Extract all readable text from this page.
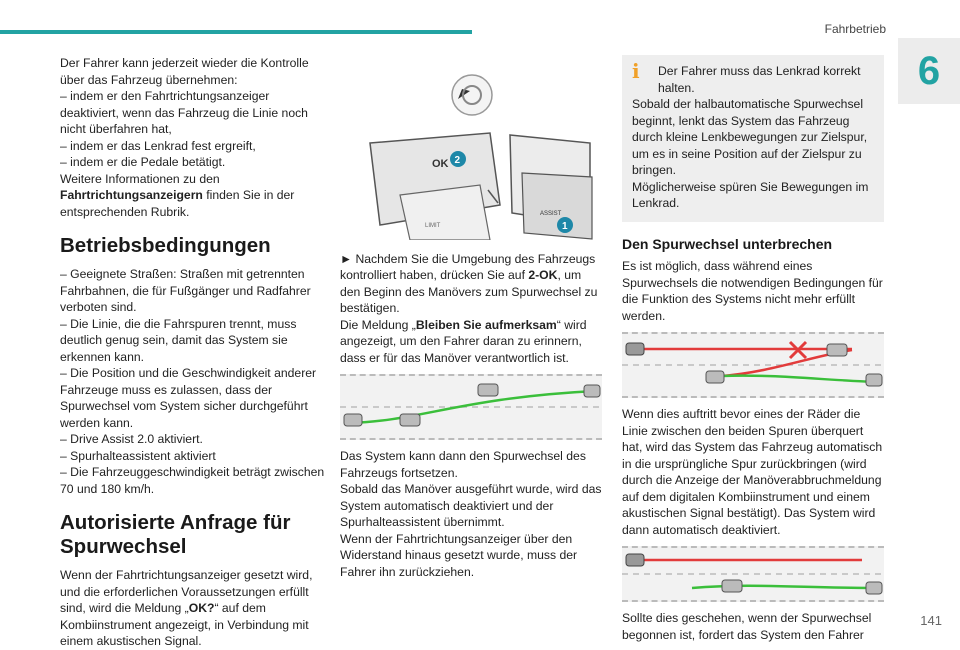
Fahrbetrieb
6
141

Der Fahrer kann jederzeit wieder die Kontrolle über das Fahrzeug übernehmen:

– indem er den Fahrtrichtungsanzeiger deaktiviert, wenn das Fahrzeug die Linie noch nicht überfahren hat,
– indem er das Lenkrad fest ergreift,
– indem er die Pedale betätigt.

Weitere Informationen zu den Fahrtrichtungsanzeigern finden Sie in der entsprechenden Rubrik.

Betriebsbedingungen
– Geeignete Straßen: Straßen mit getrennten Fahrbahnen, die für Fußgänger und Radfahrer verboten sind.
– Die Linie, die die Fahrspuren trennt, muss deutlich genug sein, damit das System sie erkennen kann.
– Die Position und die Geschwindigkeit anderer Fahrzeuge muss es zulassen, dass der Spurwechsel vom System sicher durchgeführt werden kann.
– Drive Assist 2.0 aktiviert.
– Spurhalteassistent aktiviert
– Die Fahrzeuggeschwindigkeit beträgt zwischen 70 und 180 km/h.
Autorisierte Anfrage für Spurwechsel

Wenn der Fahrtrichtungsanzeiger gesetzt wird, und die erforderlichen Voraussetzungen erfüllt sind, wird die Meldung „OK?“ auf dem Kombiinstrument angezeigt, in Verbindung mit einem akustischen Signal.

OK 2
LIMIT
ASSIST
1

► Nachdem Sie die Umgebung des Fahrzeugs kontrolliert haben, drücken Sie auf 2-OK, um den Beginn des Manövers zum Spurwechsel zu bestätigen.

Die Meldung „Bleiben Sie aufmerksam“ wird angezeigt, um den Fahrer daran zu erinnern, dass er für das Manöver verantwortlich ist.

Das System kann dann den Spurwechsel des Fahrzeugs fortsetzen.

Sobald das Manöver ausgeführt wurde, wird das System automatisch deaktiviert und der Spurhalteassistent übernimmt.

Wenn der Fahrtrichtungsanzeiger über den Widerstand hinaus gesetzt wurde, muss der Fahrer ihn zurückziehen.

i	Der Fahrer muss das Lenkrad korrekt halten.

Sobald der halbautomatische Spurwechsel beginnt, lenkt das System das Fahrzeug durch kleine Lenkbewegungen zur Zielspur, um es in seine Position auf der Zielspur zu bringen.

Möglicherweise spüren Sie Bewegungen im Lenkrad.

Den Spurwechsel unterbrechen

Es ist möglich, dass während eines Spurwechsels die notwendigen Bedingungen für die Funktion des Systems nicht mehr erfüllt werden.

Wenn dies auftritt bevor eines der Räder die Linie zwischen den beiden Spuren überquert hat, wird das System das Fahrzeug automatisch in die ursprüngliche Spur zurückbringen (wird durch die Anzeige der Manöverabbruchmeldung auf dem digitalen Kombiinstrument und einem akustischen Signal bestätigt). Das System wird dann automatisch deaktiviert.

Sollte dies geschehen, wenn der Spurwechsel begonnen ist, fordert das System den Fahrer
